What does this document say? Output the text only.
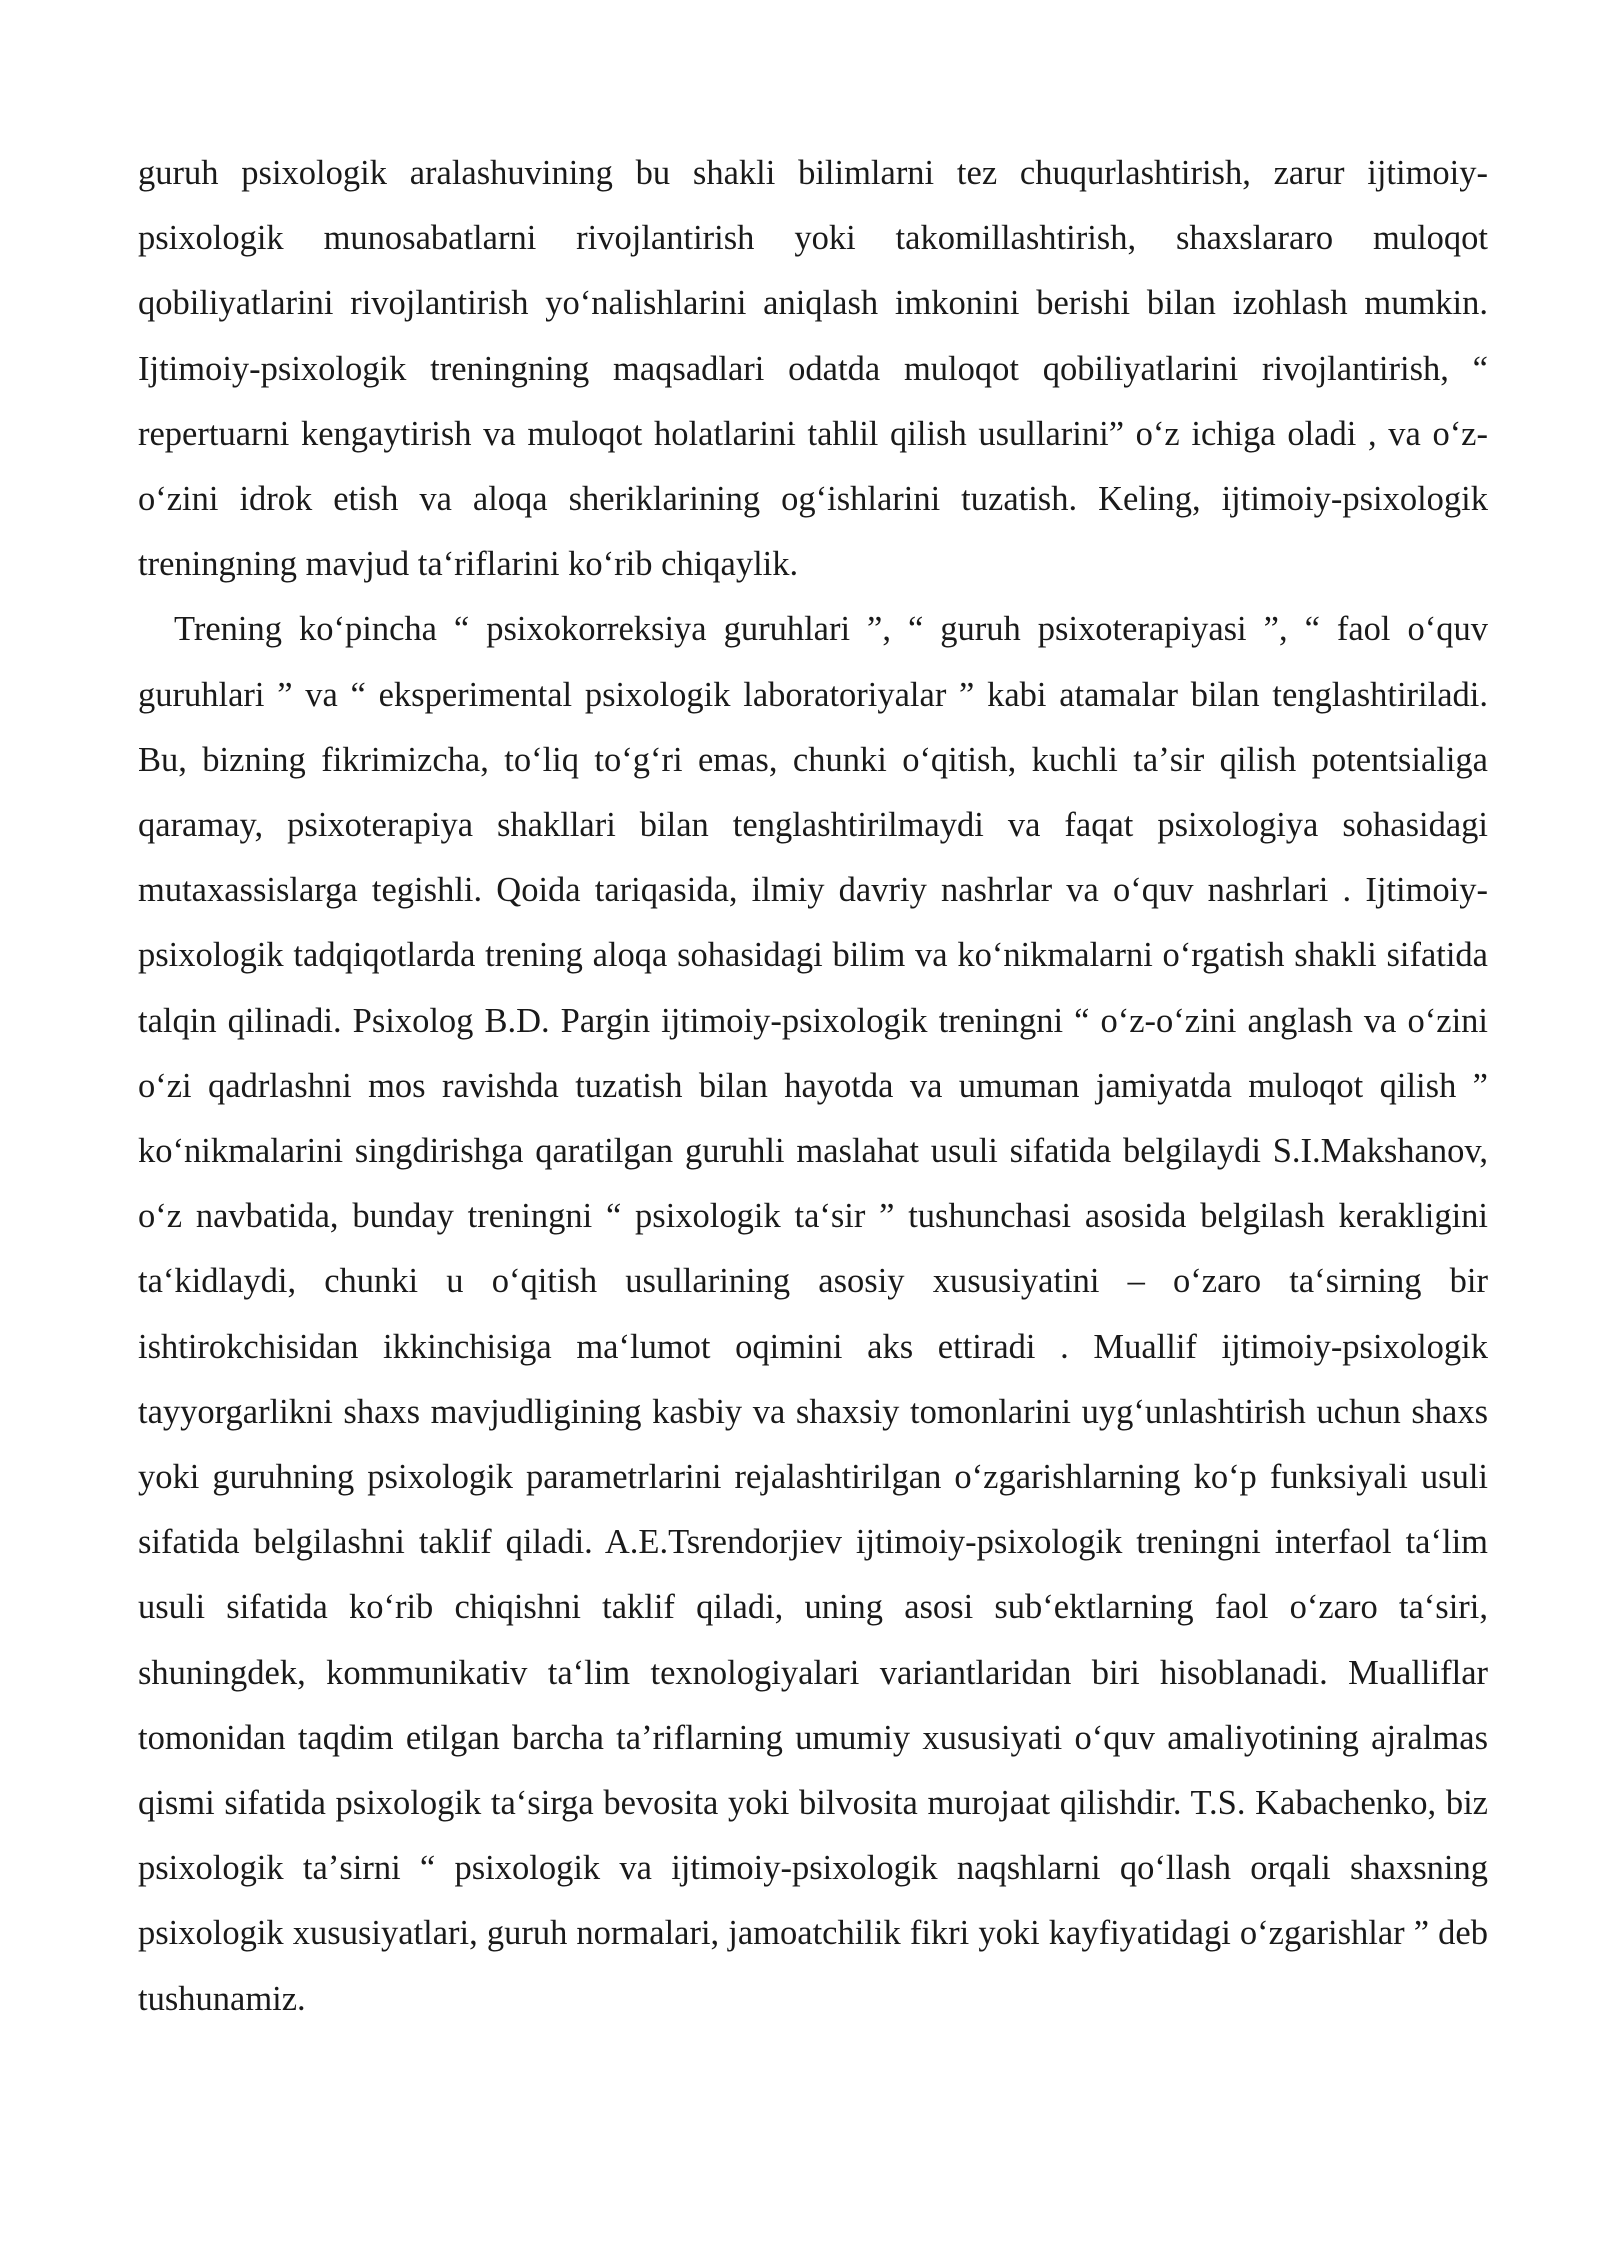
guruh psixologik aralashuvining bu shakli bilimlarni tez chuqurlashtirish, zarur ijtimoiy-psixologik munosabatlarni rivojlantirish yoki takomillashtirish, shaxslararo muloqot qobiliyatlarini rivojlantirish yoʻnalishlarini aniqlash imkonini berishi bilan izohlash mumkin. Ijtimoiy-psixologik treningning maqsadlari odatda muloqot qobiliyatlarini rivojlantirish, “ repertuarni kengaytirish va muloqot holatlarini tahlil qilish usullarini” oʻz ichiga oladi , va oʻz-oʻzini idrok etish va aloqa sheriklarining ogʻishlarini tuzatish. Keling, ijtimoiy-psixologik treningning mavjud taʻriflarini koʻrib chiqaylik.

Trening koʻpincha “ psixokorreksiya guruhlari ”, “ guruh psixoterapiyasi ”, “ faol oʻquv guruhlari ” va “ eksperimental psixologik laboratoriyalar ” kabi atamalar bilan tenglashtiriladi. Bu, bizning fikrimizcha, toʻliq toʻgʻri emas, chunki oʻqitish, kuchli taʼsir qilish potentsialiga qaramay, psixoterapiya shakllari bilan tenglashtirilmaydi va faqat psixologiya sohasidagi mutaxassislarga tegishli. Qoida tariqasida, ilmiy davriy nashrlar va oʻquv nashrlari . Ijtimoiy-psixologik tadqiqotlarda trening aloqa sohasidagi bilim va koʻnikmalarni oʻrgatish shakli sifatida talqin qilinadi. Psixolog B.D. Pargin ijtimoiy-psixologik treningni “ oʻz-oʻzini anglash va oʻzini oʻzi qadrlashni mos ravishda tuzatish bilan hayotda va umuman jamiyatda muloqot qilish ” koʻnikmalarini singdirishga qaratilgan guruhli maslahat usuli sifatida belgilaydi S.I.Makshanov, oʻz navbatida, bunday treningni “ psixologik taʻsir ” tushunchasi asosida belgilash kerakligini taʻkidlaydi, chunki u oʻqitish usullarining asosiy xususiyatini – oʻzaro taʻsirning bir ishtirokchisidan ikkinchisiga maʻlumot oqimini aks ettiradi . Muallif ijtimoiy-psixologik tayyorgarlikni shaxs mavjudligining kasbiy va shaxsiy tomonlarini uygʻunlashtirish uchun shaxs yoki guruhning psixologik parametrlarini rejalashtirilgan oʻzgarishlarning koʻp funksiyali usuli sifatida belgilashni taklif qiladi. A.E.Tsrendorjiev ijtimoiy-psixologik treningni interfaol taʻlim usuli sifatida koʻrib chiqishni taklif qiladi, uning asosi subʻektlarning faol oʻzaro taʻsiri, shuningdek, kommunikativ taʻlim texnologiyalari variantlaridan biri hisoblanadi. Mualliflar tomonidan taqdim etilgan barcha taʼriflarning umumiy xususiyati oʻquv amaliyotining ajralmas qismi sifatida psixologik taʻsirga bevosita yoki bilvosita murojaat qilishdir. T.S. Kabachenko, biz psixologik taʼsirni “ psixologik va ijtimoiy-psixologik naqshlarni qoʻllash orqali shaxsning psixologik xususiyatlari, guruh normalari, jamoatchilik fikri yoki kayfiyatidagi oʻzgarishlar ” deb tushunamiz.
